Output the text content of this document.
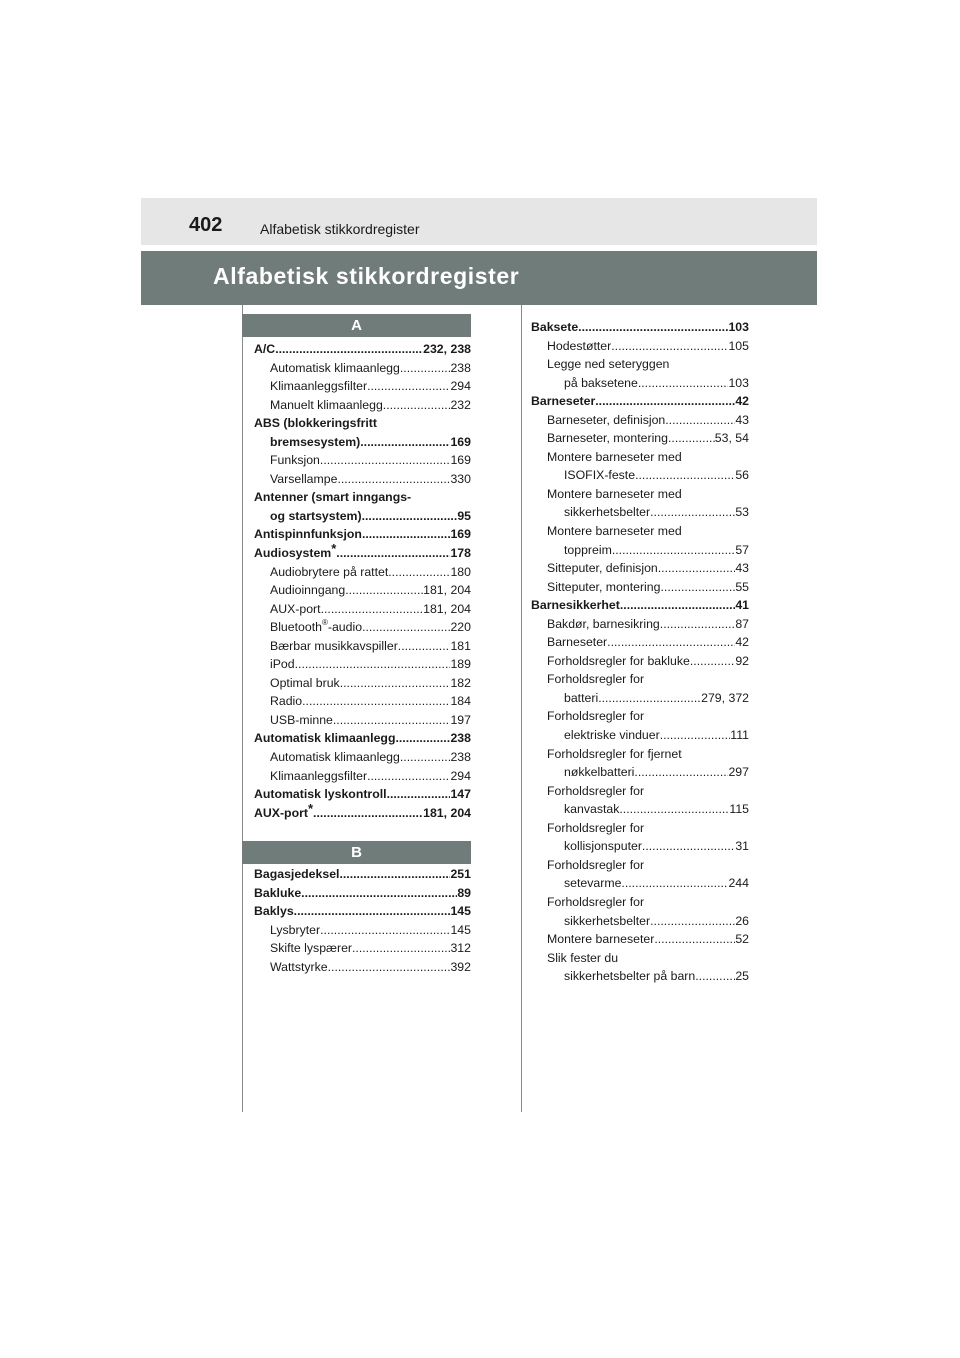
402	Alfabetisk stikkordregister
Alfabetisk stikkordregister
A
B
A/C .....	232, 238
Automatisk klimaanlegg .....	238
Klimaanleggsfilter .....	294
Manuelt klimaanlegg .....	232
ABS (blokkeringsfritt
bremsesystem) .....	169
Funksjon .....	169
Varsellampe .....	330
Antenner (smart inngangs-
og startsystem) .....	95
Antispinnfunksjon .....	169
Audiosystem* .....	178
Audiobrytere på rattet .....	180
Audioinngang .....	181, 204
AUX-port .....	181, 204
Bluetooth®-audio .....	220
Bærbar musikkavspiller .....	181
iPod .....	189
Optimal bruk .....	182
Radio .....	184
USB-minne .....	197
Automatisk klimaanlegg .....	238
Automatisk klimaanlegg .....	238
Klimaanleggsfilter .....	294
Automatisk lyskontroll .....	147
AUX-port* .....	181, 204
Bagasjedeksel .....	251
Bakluke .....	89
Baklys .....	145
Lysbryter .....	145
Skifte lyspærer .....	312
Wattstyrke .....	392
Baksete .....	103
Hodestøtter .....	105
Legge ned seteryggen
på baksetene .....	103
Barneseter .....	42
Barneseter, definisjon .....	43
Barneseter, montering .....	53, 54
Montere barneseter med
ISOFIX-feste .....	56
Montere barneseter med
sikkerhetsbelter .....	53
Montere barneseter med
toppreim .....	57
Sitteputer, definisjon .....	43
Sitteputer, montering .....	55
Barnesikkerhet .....	41
Bakdør, barnesikring .....	87
Barneseter .....	42
Forholdsregler for bakluke .....	92
Forholdsregler for
batteri .....	279, 372
Forholdsregler for
elektriske vinduer .....	111
Forholdsregler for fjernet
nøkkelbatteri .....	297
Forholdsregler for
kanvastak .....	115
Forholdsregler for
kollisjonsputer .....	31
Forholdsregler for
setevarme .....	244
Forholdsregler for
sikkerhetsbelter .....	26
Montere barneseter .....	52
Slik fester du
sikkerhetsbelter på barn .....	25
